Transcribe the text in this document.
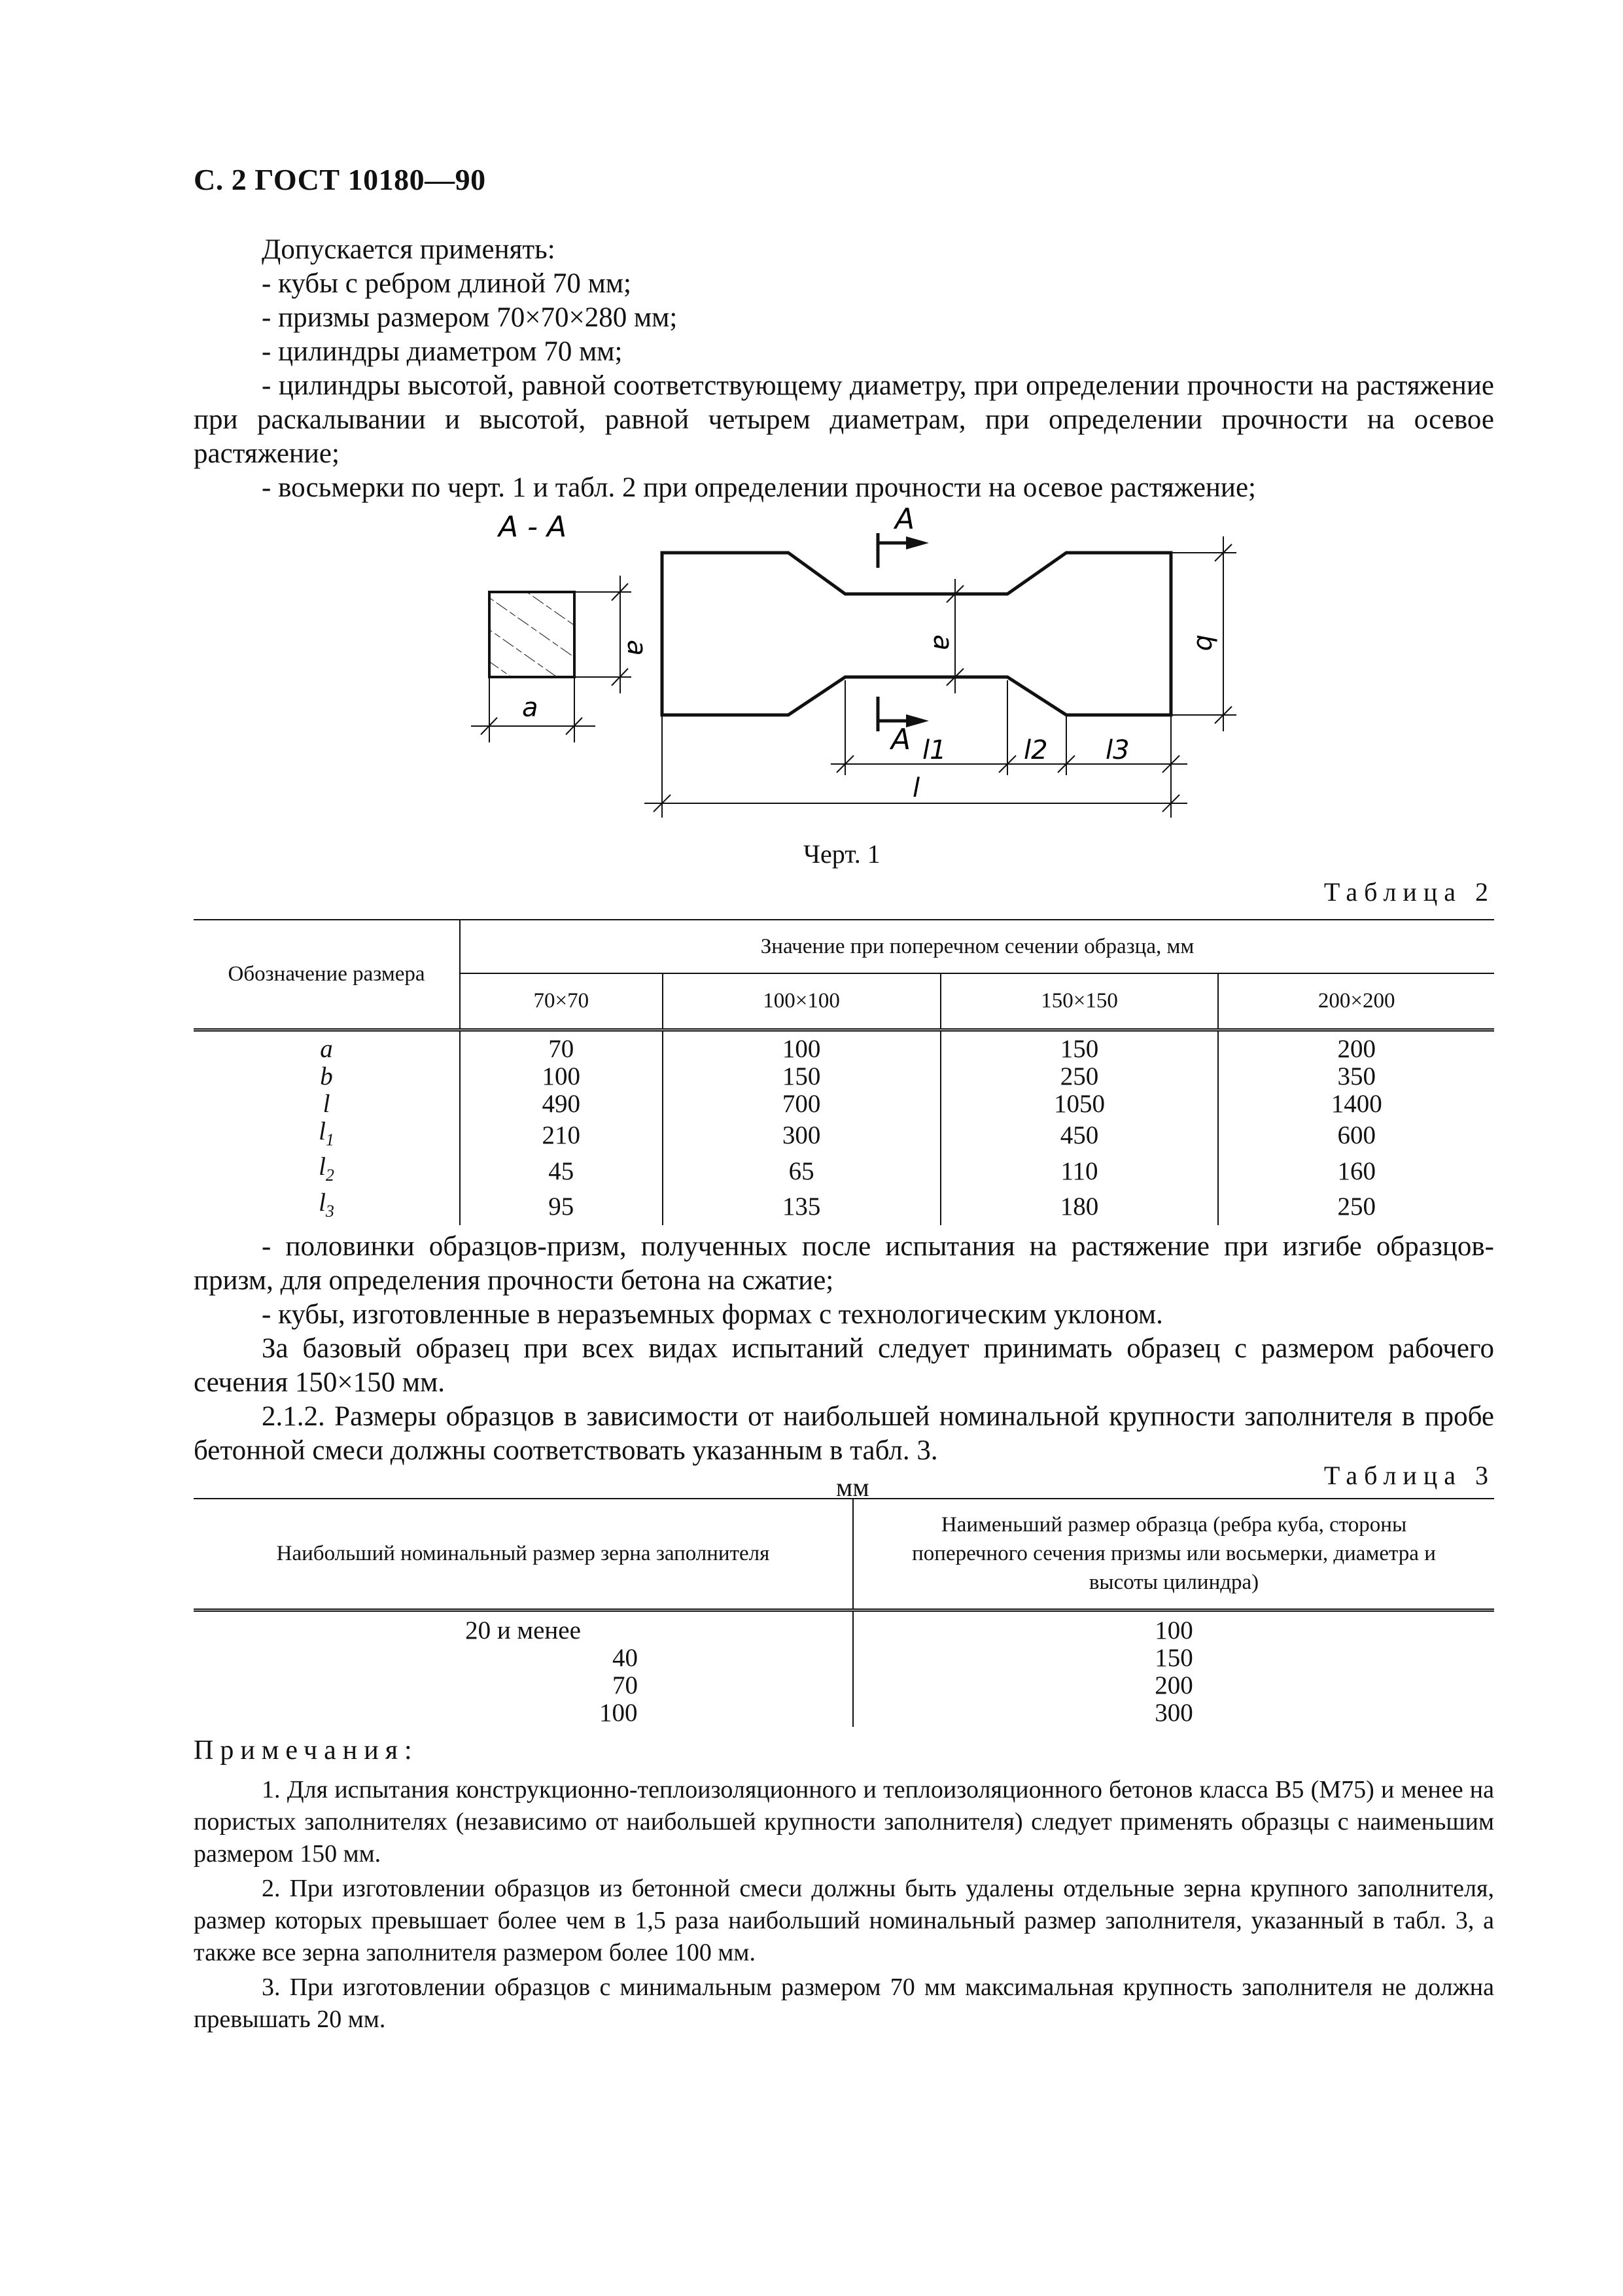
С. 2 ГОСТ 10180—90
Допускается применять:
- кубы с ребром длиной 70 мм;
- призмы размером 70×70×280 мм;
- цилиндры диаметром 70 мм;
- цилиндры высотой, равной соответствующему диаметру, при определении прочности на растяжение при раскалывании и высотой, равной четырем диаметрам, при определении прочности на осевое растяжение;
- восьмерки по черт. 1 и табл. 2 при определении прочности на осевое растяжение;
А - А
a
a
А
А
a	b
l1	l2 l3
l
Черт. 1
Таблица 2
Обозначение размера	Значение при поперечном сечении образца, мм			
	70×70	100×100	150×150	200×200
a	70	100	150	200
b	100	150	250	350
l	490	700	1050	1400
$l_1$	210	300	450	600
$l_2$	45	65	110	160
$l_3$	95	135	180	250
- половинки образцов-призм, полученных после испытания на растяжение при изгибе образцов-призм, для определения прочности бетона на сжатие;
- кубы, изготовленные в неразъемных формах с технологическим уклоном.
За базовый образец при всех видах испытаний следует принимать образец с размером рабочего сечения 150×150 мм.
2.1.2. Размеры образцов в зависимости от наибольшей номинальной крупности заполнителя в пробе бетонной смеси должны соответствовать указанным в табл. 3.
Таблица 3
мм
Наибольший номинальный размер зерна заполнителя	Наименьший размер образца (ребра куба, стороны поперечного сечения призмы или восьмерки, диаметра и высоты цилиндра)
20 и менее	100
40	150
70	200
100	300
Примечания:
1. Для испытания конструкционно-теплоизоляционного и теплоизоляционного бетонов класса В5 (М75) и менее на пористых заполнителях (независимо от наибольшей крупности заполнителя) следует применять образцы с наименьшим размером 150 мм.
2. При изготовлении образцов из бетонной смеси должны быть удалены отдельные зерна крупного заполнителя, размер которых превышает более чем в 1,5 раза наибольший номинальный размер заполнителя, указанный в табл. 3, а также все зерна заполнителя размером более 100 мм.
3. При изготовлении образцов с минимальным размером 70 мм максимальная крупность заполнителя не должна превышать 20 мм.
